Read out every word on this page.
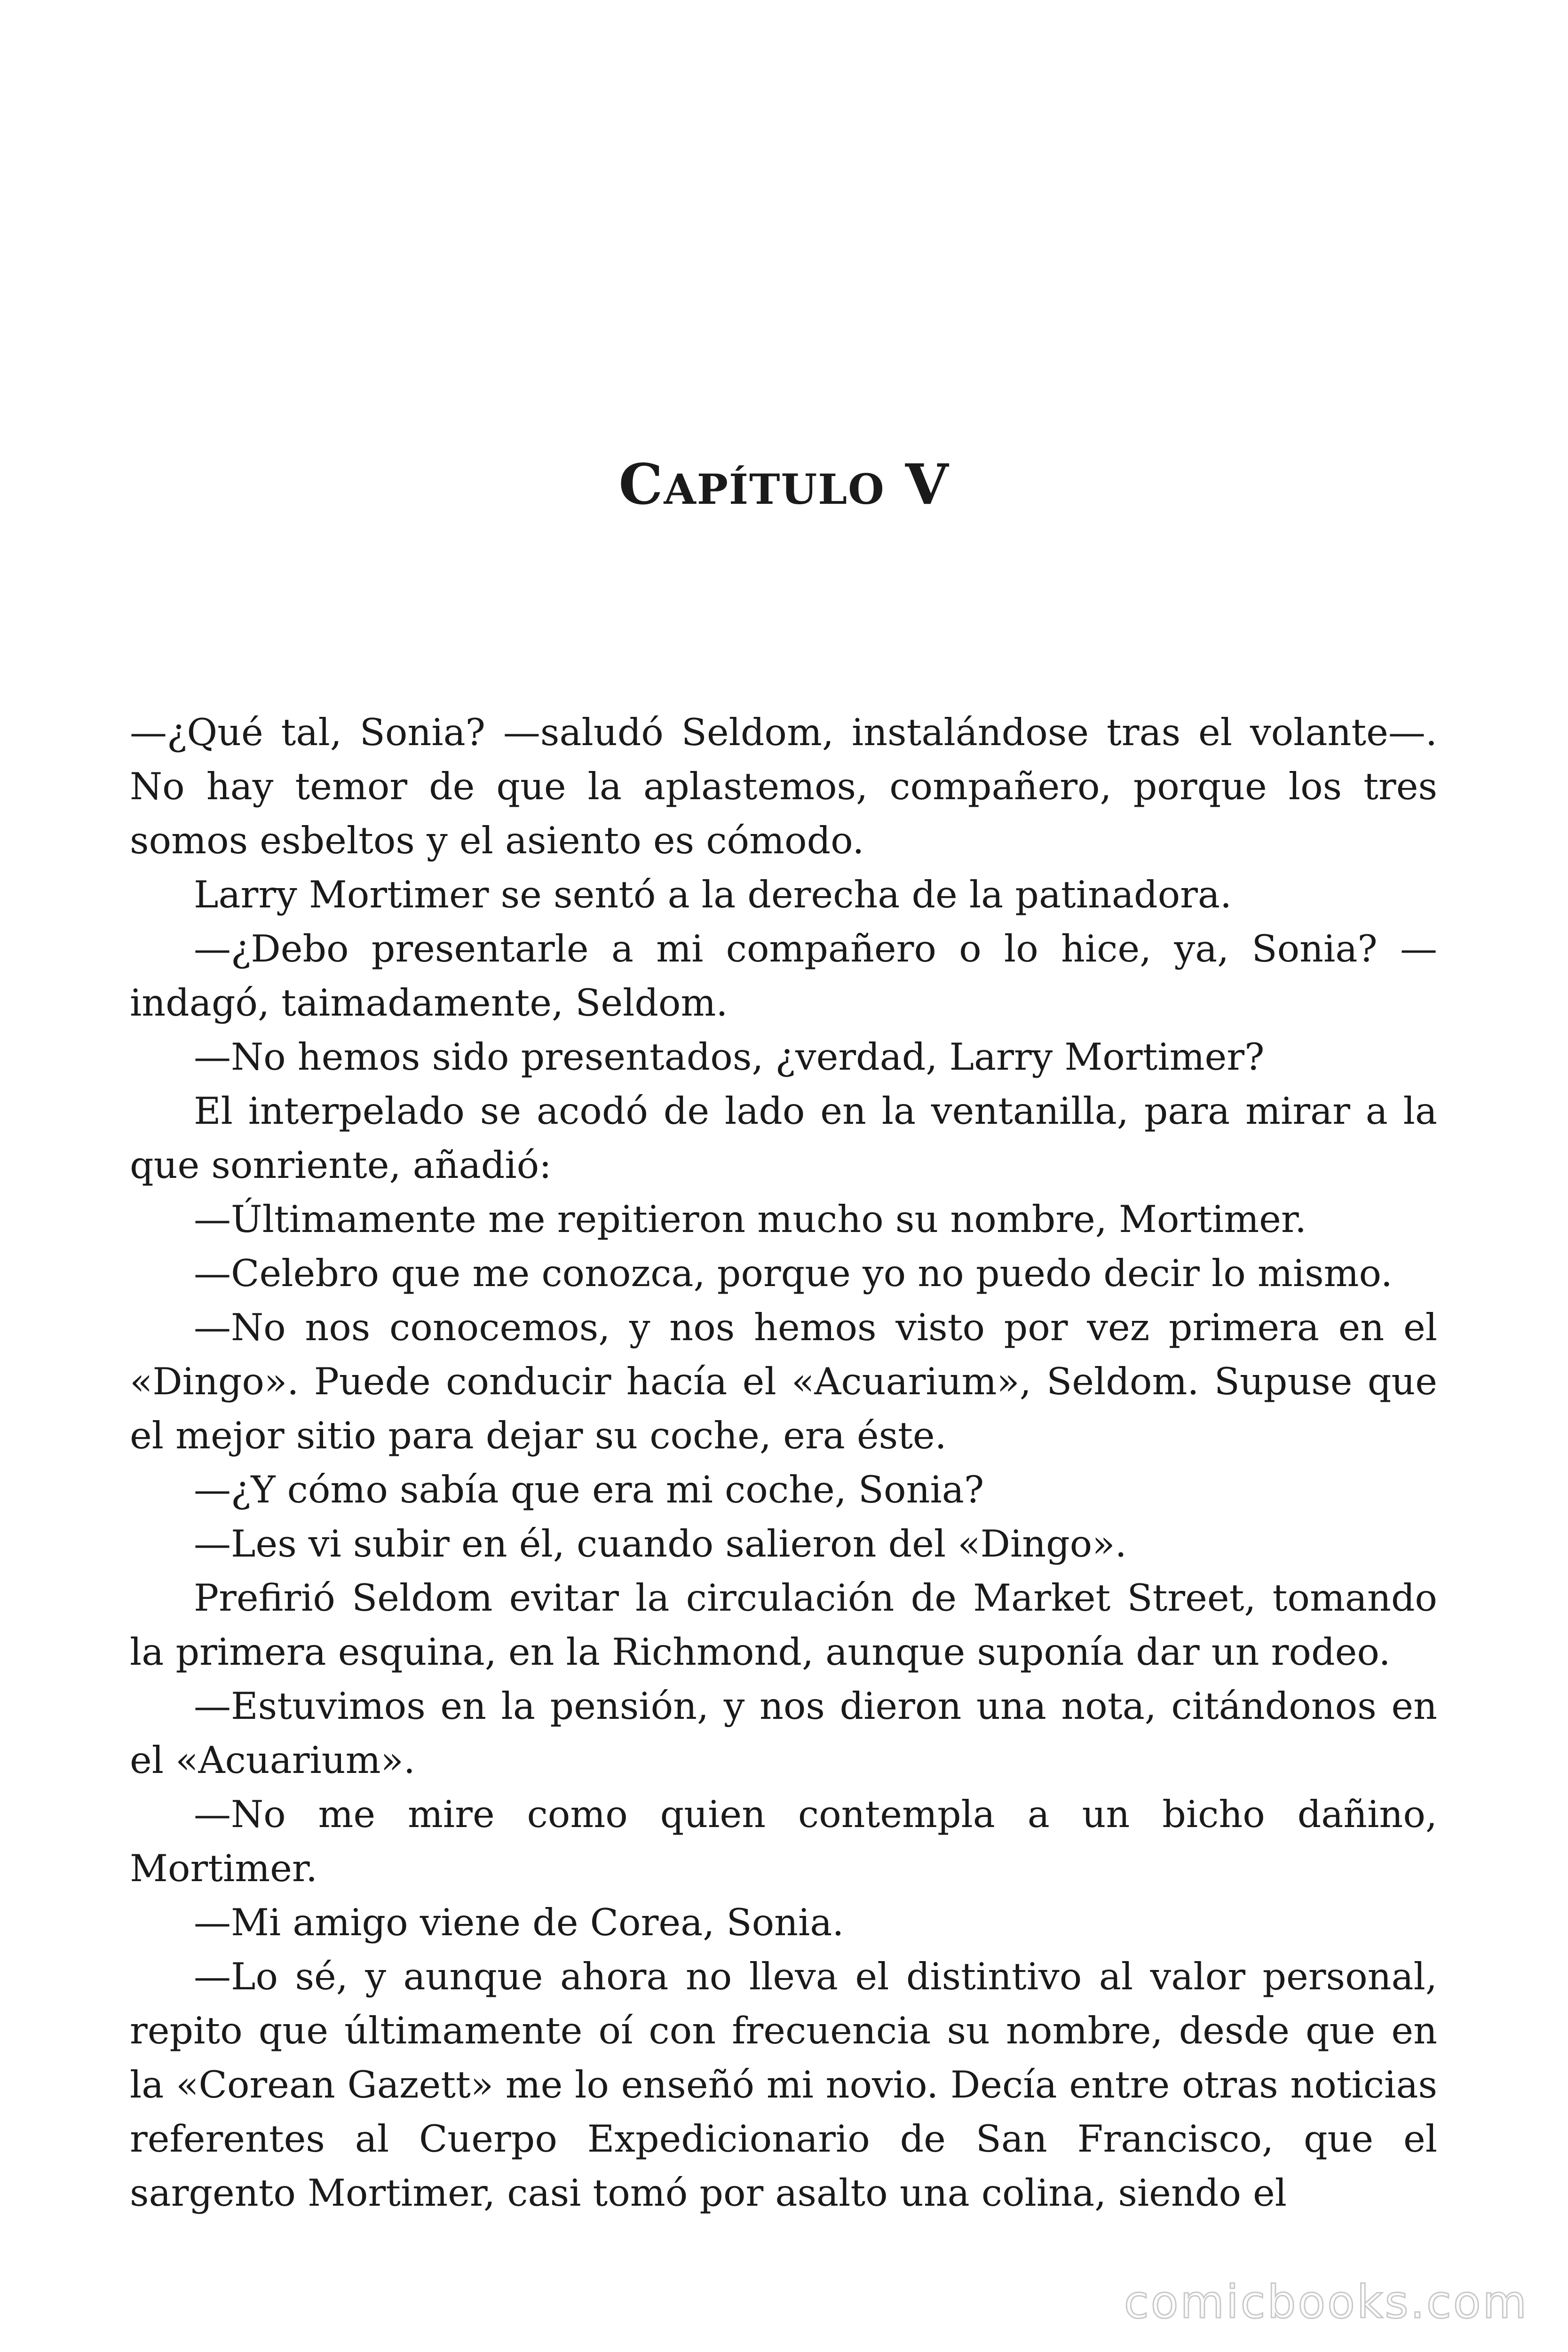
CAPÍTULO V

—¿Qué tal, Sonia? —saludó Seldom, instalándose tras el volante—. No hay temor de que la aplastemos, compañero, porque los tres somos esbeltos y el asiento es cómodo.

Larry Mortimer se sentó a la derecha de la patinadora.

—¿Debo presentarle a mi compañero o lo hice, ya, Sonia? —indagó, taimadamente, Seldom.

—No hemos sido presentados, ¿verdad, Larry Mortimer?

El interpelado se acodó de lado en la ventanilla, para mirar a la que sonriente, añadió:

—Últimamente me repitieron mucho su nombre, Mortimer.

—Celebro que me conozca, porque yo no puedo decir lo mismo.

—No nos conocemos, y nos hemos visto por vez primera en el «Dingo». Puede conducir hacía el «Acuarium», Seldom. Supuse que el mejor sitio para dejar su coche, era éste.

—¿Y cómo sabía que era mi coche, Sonia?

—Les vi subir en él, cuando salieron del «Dingo».

Prefirió Seldom evitar la circulación de Market Street, tomando la primera esquina, en la Richmond, aunque suponía dar un rodeo.

—Estuvimos en la pensión, y nos dieron una nota, citándonos en el «Acuarium».

—No me mire como quien contempla a un bicho dañino, Mortimer.

—Mi amigo viene de Corea, Sonia.

—Lo sé, y aunque ahora no lleva el distintivo al valor personal, repito que últimamente oí con frecuencia su nombre, desde que en la «Corean Gazett» me lo enseñó mi novio. Decía entre otras noticias referentes al Cuerpo Expedicionario de San Francisco, que el sargento Mortimer, casi tomó por asalto una colina, siendo el

comicbooks.com
